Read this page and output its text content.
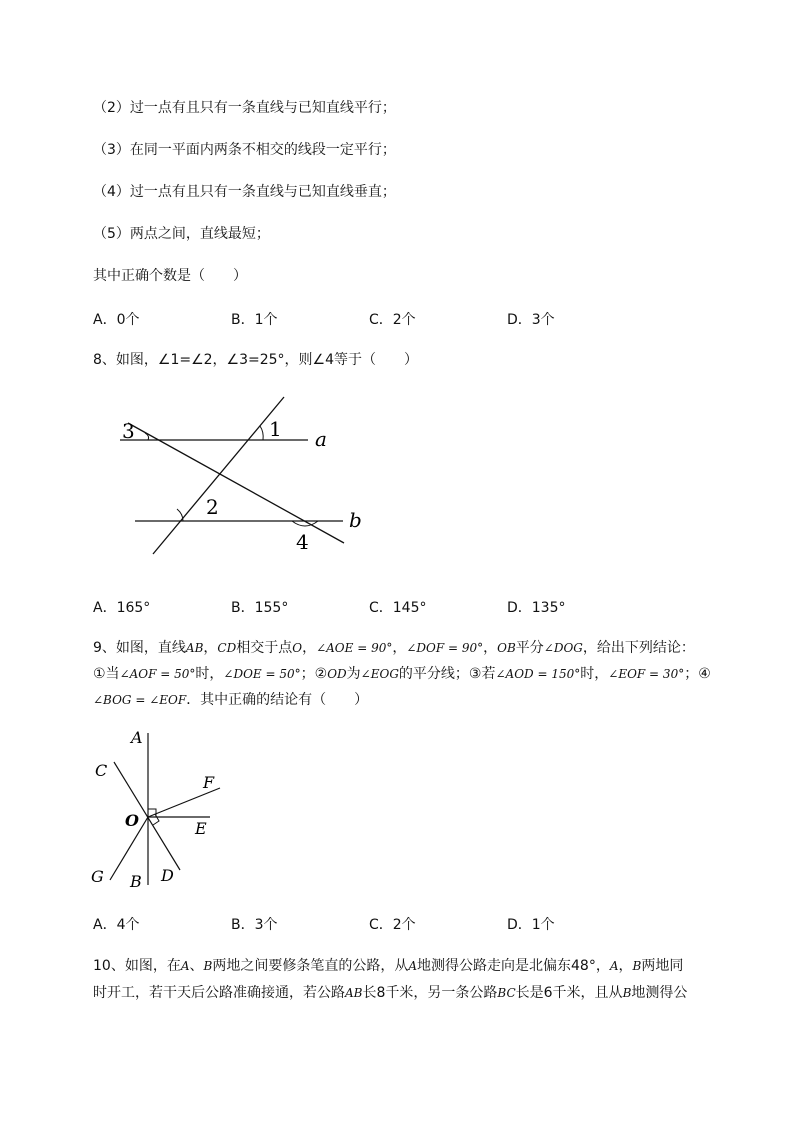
（2）过一点有且只有一条直线与已知直线平行；
（3）在同一平面内两条不相交的线段一定平行；
（4）过一点有且只有一条直线与已知直线垂直；
（5）两点之间，直线最短；
其中正确个数是（　　）
A．0个	B．1个	C．2个	D．3个
8、如图，∠1=∠2，∠3=25°，则∠4等于（　　）
3	1 a
2
b
4
A．165°	B．155°	C．145°	D．135°
9、如图，直线AB，CD相交于点O，∠AOE = 90°，∠DOF = 90°，OB平分∠DOG，给出下列结论：
①当∠AOF = 50°时，∠DOE = 50°；②OD为∠EOG的平分线；③若∠AOD = 150°时，∠EOF = 30°；④
∠BOG = ∠EOF．其中正确的结论有（　　）
A
C
F
O	E
G B D
A．4个	B．3个	C．2个	D．1个
10、如图，在A、B两地之间要修条笔直的公路，从A地测得公路走向是北偏东48°，A，B两地同
时开工，若干天后公路准确接通，若公路AB长8千米，另一条公路BC长是6千米，且从B地测得公
